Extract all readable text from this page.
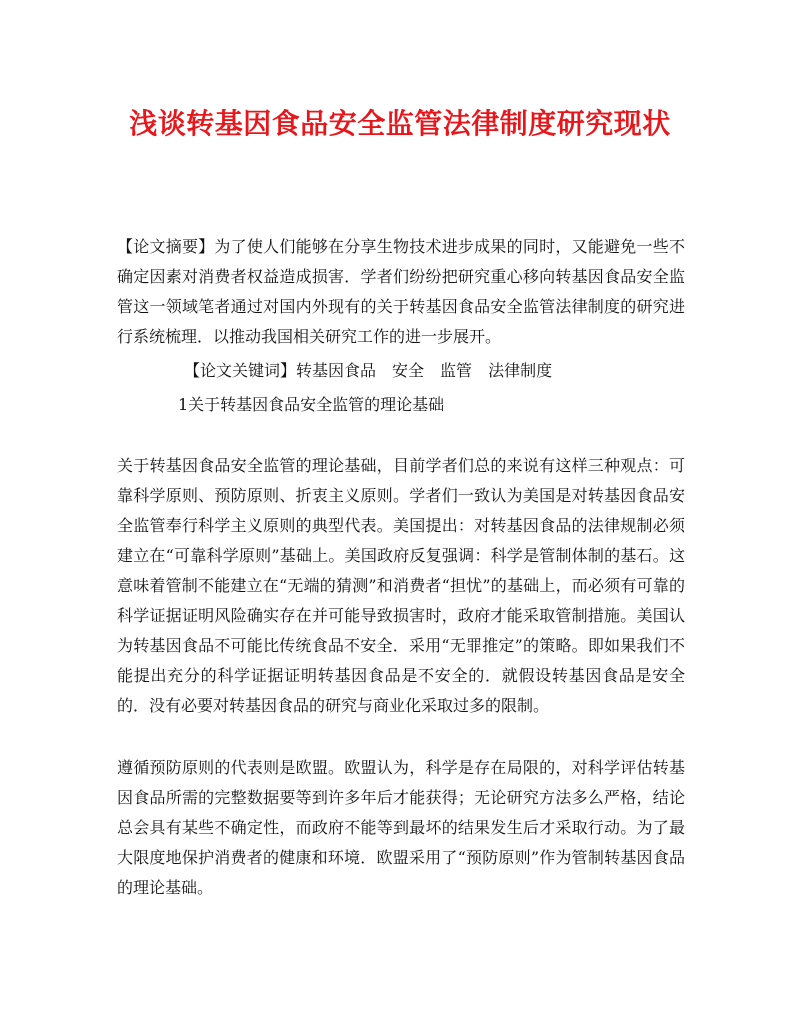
浅谈转基因食品安全监管法律制度研究现状
【论文摘要】为了使人们能够在分享生物技术进步成果的同时，又能避免一些不确定因素对消费者权益造成损害．学者们纷纷把研究重心移向转基因食品安全监管这一领域笔者通过对国内外现有的关于转基因食品安全监管法律制度的研究进行系统梳理．以推动我国相关研究工作的进一步展开。
【论文关键词】转基因食品 安全 监管 法律制度
1关于转基因食品安全监管的理论基础
关于转基因食品安全监管的理论基础，目前学者们总的来说有这样三种观点：可靠科学原则、预防原则、折衷主义原则。学者们一致认为美国是对转基因食品安全监管奉行科学主义原则的典型代表。美国提出：对转基因食品的法律规制必须建立在“可靠科学原则”基础上。美国政府反复强调：科学是管制体制的基石。这意味着管制不能建立在“无端的猜测”和消费者“担忧”的基础上，而必须有可靠的科学证据证明风险确实存在并可能导致损害时，政府才能采取管制措施。美国认为转基因食品不可能比传统食品不安全．采用“无罪推定”的策略。即如果我们不能提出充分的科学证据证明转基因食品是不安全的．就假设转基因食品是安全的．没有必要对转基因食品的研究与商业化采取过多的限制。
遵循预防原则的代表则是欧盟。欧盟认为，科学是存在局限的，对科学评估转基因食品所需的完整数据要等到许多年后才能获得；无论研究方法多么严格，结论总会具有某些不确定性，而政府不能等到最坏的结果发生后才采取行动。为了最大限度地保护消费者的健康和环境．欧盟采用了“预防原则”作为管制转基因食品的理论基础。
